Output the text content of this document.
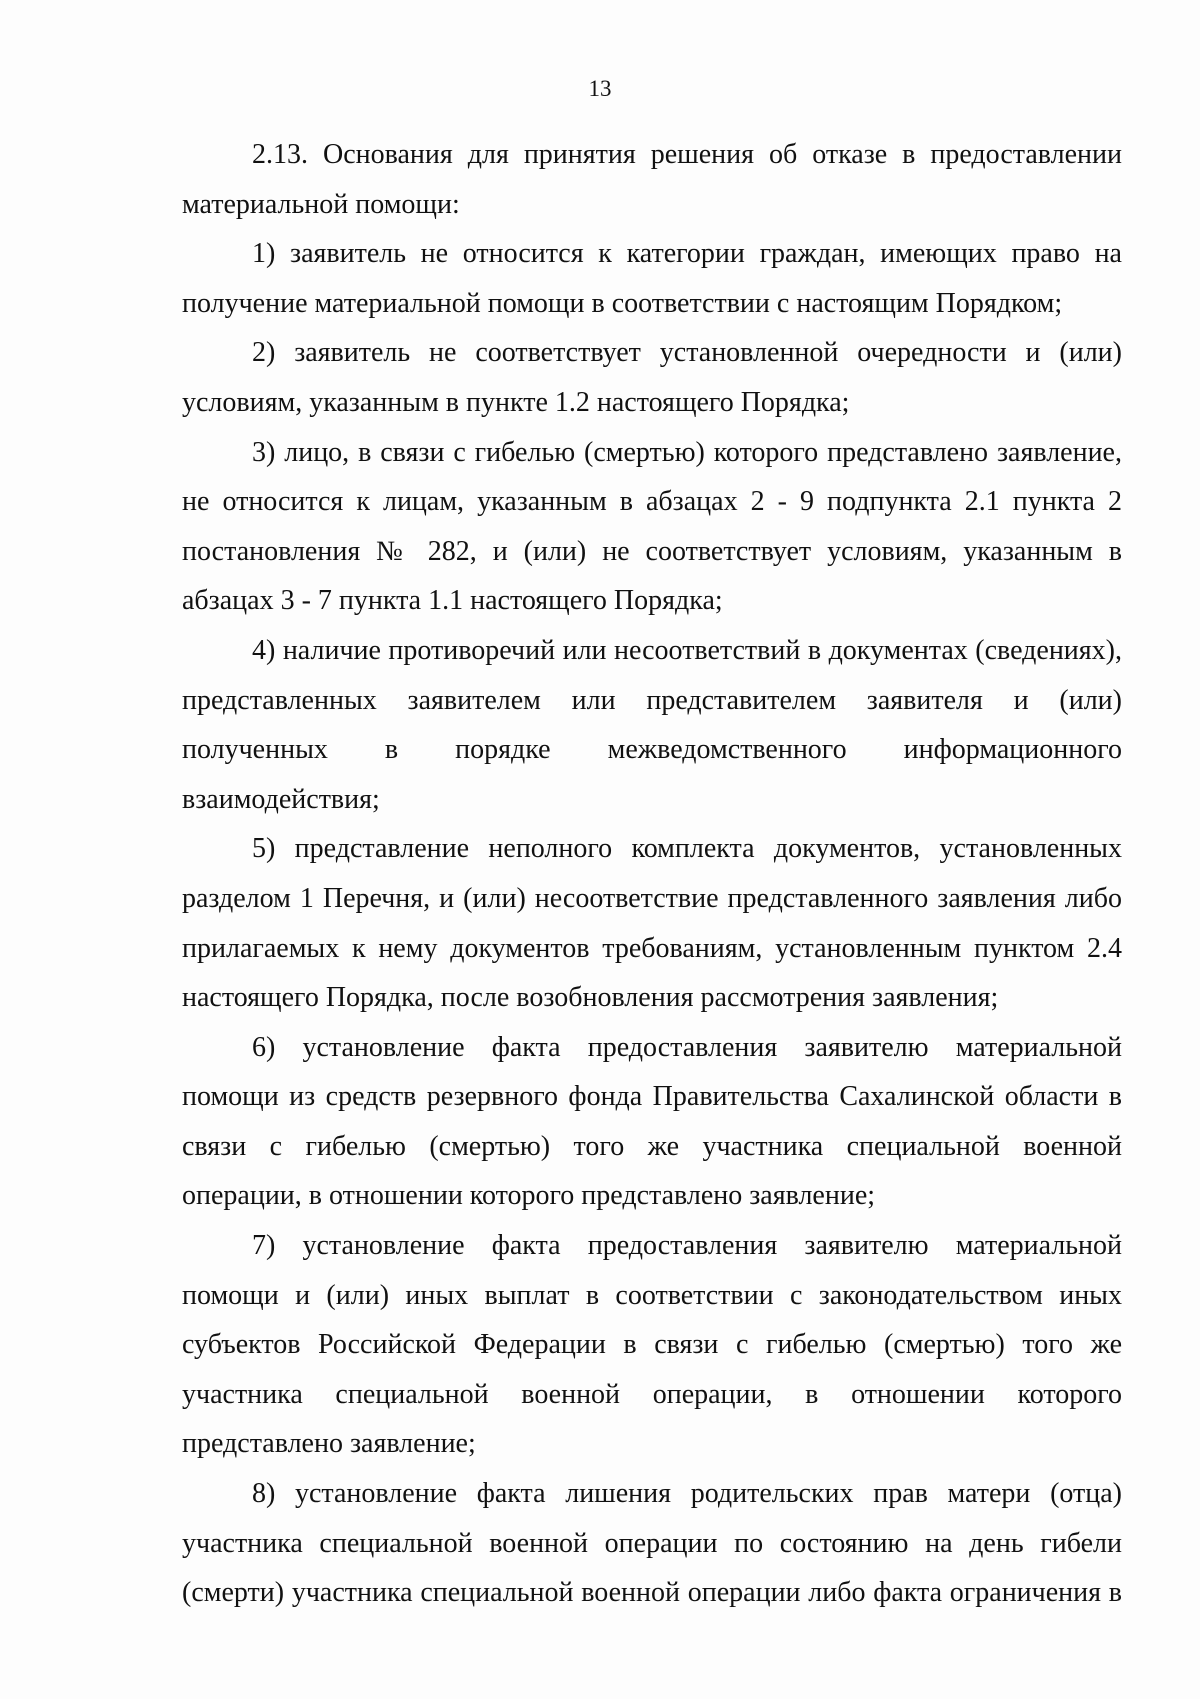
13

2.13. Основания для принятия решения об отказе в предоставлении
материальной помощи:

1) заявитель не относится к категории граждан, имеющих право на
получение материальной помощи в соответствии с настоящим Порядком;

2) заявитель не соответствует установленной очередности и (или)
условиям, указанным в пункте 1.2 настоящего Порядка;

3) лицо, в связи с гибелью (смертью) которого представлено заявление, не относится к лицам, указанным в абзацах 2 - 9 подпункта 2.1 пункта 2 постановления № 282, и (или) не соответствует условиям, указанным в
абзацах 3 - 7 пункта 1.1 настоящего Порядка;

4) наличие противоречий или несоответствий в документах (сведениях), представленных заявителем или представителем заявителя и (или) полученных в порядке межведомственного информационного
взаимодействия;

5) представление неполного комплекта документов, установленных разделом 1 Перечня, и (или) несоответствие представленного заявления либо прилагаемых к нему документов требованиям, установленным пунктом 2.4
настоящего Порядка, после возобновления рассмотрения заявления;

6) установление факта предоставления заявителю материальной помощи из средств резервного фонда Правительства Сахалинской области в связи с гибелью (смертью) того же участника специальной военной
операции, в отношении которого представлено заявление;

7) установление факта предоставления заявителю материальной помощи и (или) иных выплат в соответствии с законодательством иных субъектов Российской Федерации в связи с гибелью (смертью) того же участника специальной военной операции, в отношении которого
представлено заявление;

8) установление факта лишения родительских прав матери (отца) участника специальной военной операции по состоянию на день гибели (смерти) участника специальной военной операции либо факта ограничения в
